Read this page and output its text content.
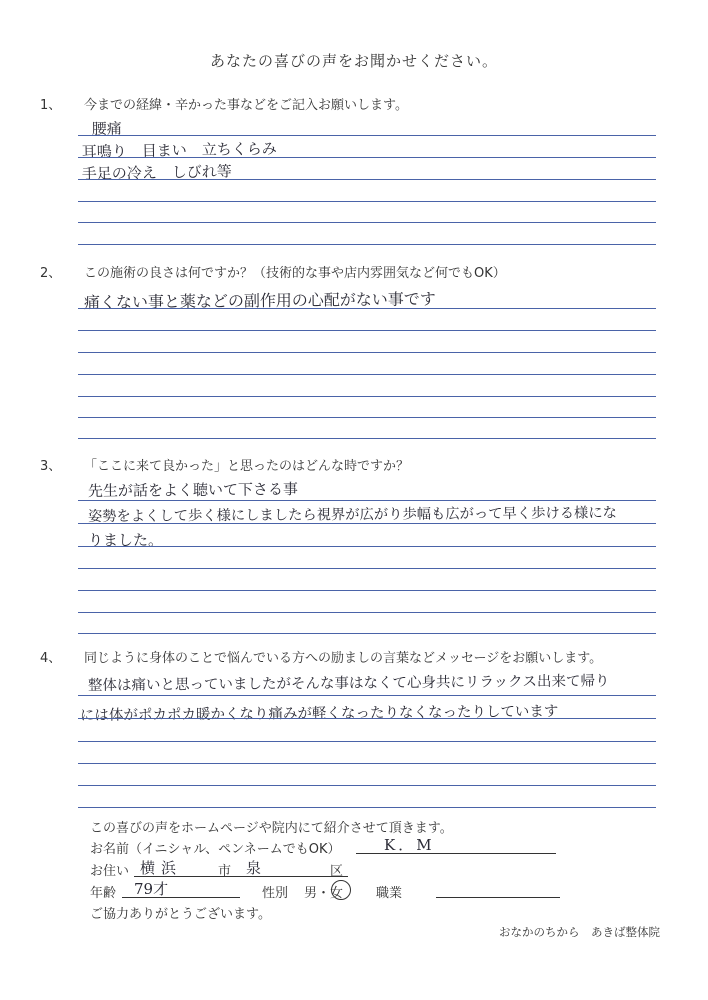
あなたの喜びの声をお聞かせください。
1、 今までの経緯・辛かった事などをご記入お願いします。
腰痛
耳鳴り　目まい　立ちくらみ
手足の冷え　しびれ等
2、 この施術の良さは何ですか？（技術的な事や店内雰囲気など何でもOK）
痛くない事と薬などの副作用の心配がない事です
3、 「ここに来て良かった」と思ったのはどんな時ですか？
先生が話をよく聴いて下さる事
姿勢をよくして歩く様にしましたら視界が広がり歩幅も広がって早く歩ける様にな
りました。
4、 同じように身体のことで悩んでいる方への励ましの言葉などメッセージをお願いします。
整体は痛いと思っていましたがそんな事はなくて心身共にリラックス出来て帰り
には体がポカポカ暖かくなり痛みが軽くなったりなくなったりしています
この喜びの声をホームページや院内にて紹介させて頂きます。
お名前（イニシャル、ペンネームでもOK）	K．M
お住い 横浜	市 泉	区
年齢 79才	性別 男・女	職業
ご協力ありがとうございます。
おなかのちから　あきば整体院
